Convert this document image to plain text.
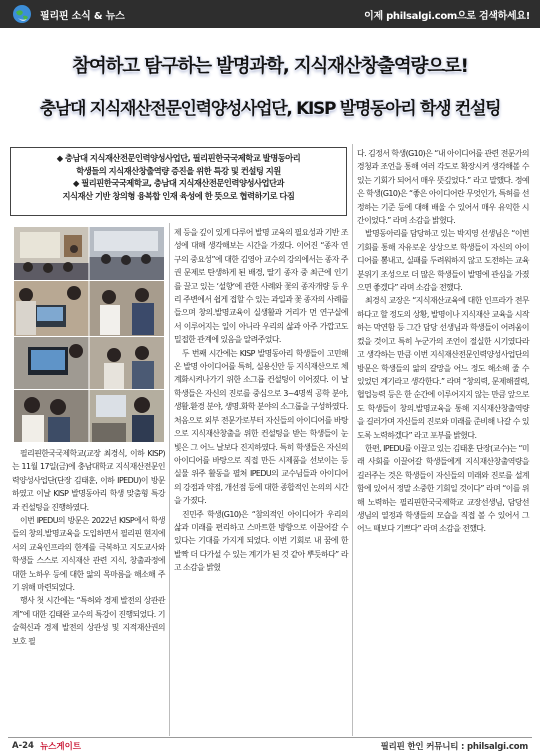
필리핀 소식 & 뉴스	이제 philsalgi.com으로 검색하세요!
참여하고 탐구하는 발명과학, 지식재산창출역량으로!
충남대 지식재산전문인력양성사업단, KISP 발명동아리 학생 컨설팅
◆ 충남대 지식재산전문인력양성사업단, 필리핀한국국제학교 발명동아리
학생들의 지식재산창출역량 증진을 위한 특강 및 컨설팅 지원
◆ 필리핀한국국제학교, 충남대 지식재산전문인력양성사업단과
지식재산 기반 창의형 융복합 인재 육성에 한 뜻으로 협력하기로 다짐

필리핀한국국제학교(교장 최경식, 이하 KISP)는 11월 17일(금)에 충남대학교 지식재산전문인력양성사업단(단장 김태훈, 이하 IPEDU)이 방문하였고 이날 KISP 발명동아리 학생 맞춤형 특강과 컨설팅을 진행하였다.

이번 IPEDU의 방문은 2022년 KISP에서 학생들의 창의․발명교육을 도입하면서 필리핀 현지에서의 교육인프라의 한계를 극복하고 지도교사와 학생들 스스로 지식재산 관련 지식, 창출과정에 대한 노하우 등에 대한 앎의 목마름을 해소해 주기 위해 마련되었다.

행사 첫 시간에는 “특허와 경제 발전의 상관관계”에 대한 김태완 교수의 특강이 진행되었다. 기술혁신과 경제 발전의 상관성 및 지적재산권의 보호 필

제 등을 깊이 있게 다루어 발명 교육의 필요성과 기반 조성에 대해 생각해보는 시간을 가졌다. 이어진 “종자 연구의 중요성”에 대한 김영아 교수의 강의에서는 종자 주권 문제로 탄생하게 된 배경, 딸기 종자 중 최근에 인기를 끌고 있는 ‘설향’에 관한 사례와 꽃의 종자개량 등 우리 주변에서 쉽게 접할 수 있는 과일과 꽃 종자의 사례를 들으며 창의․발명교육이 실생활과 거리가 먼 연구실에서 이루어지는 일이 아니라 우리의 삶과 아주 가깝고도 밀접한 관계에 있음을 알려주었다.

두 번째 시간에는 KISP 발명동아리 학생들이 고민해 온 발명 아이디어를 특허, 실용신안 등 지식재산으로 체계화시켜나가기 위한 소그룹 컨설팅이 이어졌다. 이 날 학생들은 자신의 진로를 중심으로 3~4명씩 공학 분야, 생활․환경 분야, 생명․화학 분야의 소그룹을 구성하였다. 처음으로 외부 전문가로부터 자신들의 아이디어를 바탕으로 지식재산창출을 위한 컨설팅을 받는 학생들이 눈빛은 그 어느 날보다 진지하였다. 특히 학생들은 자신의 아이디어를 바탕으로 직접 만든 시제품을 선보이는 등 실물 위주 활동을 펼쳐 IPEDU의 교수님들과 아이디어의 강점과 약점, 개선점 등에 대한 종합적인 논의의 시간을 가졌다.

진민주 학생(G10)은 “참의적인 아이디어가 우리의 삶과 미래를 편리하고 스마트한 방향으로 이끌어갈 수 있다는 기대를 가지게 되었다. 이번 기회로 내 꿈에 한 발짝 더 다가설 수 있는 계기가 된 것 같아 뿌듯하다” 라고 소감을 밝혔

다. 김정서 학생(G10)은 “내 아이디어를 관련 전문가의 경청과 조언을 통해 여러 각도로 확장시켜 생각해볼 수 있는 기회가 되어서 매우 뜻깊었다.” 라고 말했다. 정예은 학생(G10)은 “좋은 아이디어란 무엇인가, 특허를 선정하는 기준 등에 대해 배울 수 있어서 매우 유익한 시간이었다.” 라며 소감을 밝혔다.

발명동아리를 담당하고 있는 박지영 선생님은 “이번 기회를 통해 자유로운 상상으로 학생들이 자신의 아이디어를 뽐내고, 실패를 두려워하지 않고 도전하는 교육 분위기 조성으로 더 많은 학생들이 발명에 관심을 가졌으면 좋겠다” 라며 소감을 전했다.

최경식 교장은 “지식재산교육에 대한 인프라가 전무하다고 할 정도의 상황, 발명이나 지식재산 교육을 시작하는 막연함 등 그간 담당 선생님과 학생들이 어려움이 컸을 것이고 특히 누군가의 조언이 절실한 시기였다라고 생각하는 만큼 이번 지식재산전문인력양성사업단의 방문은 학생들의 앎의 갈망을 어느 정도 해소해 줄 수 있었던 계기라고 생각한다.” 라며 “창의력, 문제해결력, 협업능력 등은 한 순간에 이루어지지 않는 만큼 앞으로도 학생들이 창의․발명교육을 통해 지식재산창출역량을 길러가며 자신들의 진로와 미래를 준비해 나갈 수 있도록 노력하겠다” 라고 포부를 밝혔다.

한편, IPEDU를 이끌고 있는 김태훈 단장(교수)는 “미래 사회를 이끌어갈 학생들에게 지식재산창출역량을 길러주는 것은 학생들이 자신들의 미래와 진로를 설계함에 있어서 정말 소중한 기회일 것이다” 라며 “이를 위해 노력하는 필리핀한국국제학교 교장선생님, 담당선생님의 열정과 학생들의 모습을 직접 볼 수 있어서 그 어느 때보다 기쁘다” 라며 소감을 전했다.

A-24 뉴스게이트	필리핀 한인 커뮤니티 : philsalgi.com
